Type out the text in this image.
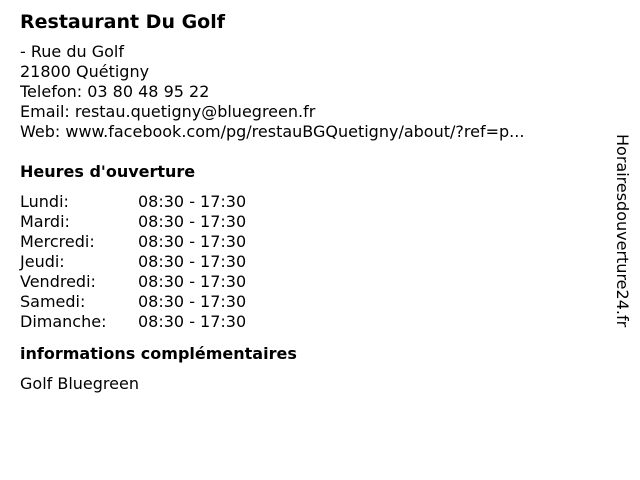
Restaurant Du Golf
- Rue du Golf
21800 Quétigny
Telefon: 03 80 48 95 22
Email: restau.quetigny@bluegreen.fr
Web: www.facebook.com/pg/restauBGQuetigny/about/?ref=p...
Heures d'ouverture
Lundi:	08:30 - 17:30
Mardi:	08:30 - 17:30
Mercredi:	08:30 - 17:30
Jeudi:	08:30 - 17:30
Vendredi:	08:30 - 17:30
Samedi:	08:30 - 17:30
Dimanche:	08:30 - 17:30
informations complémentaires
Golf Bluegreen
Horairesdouverture24.fr
